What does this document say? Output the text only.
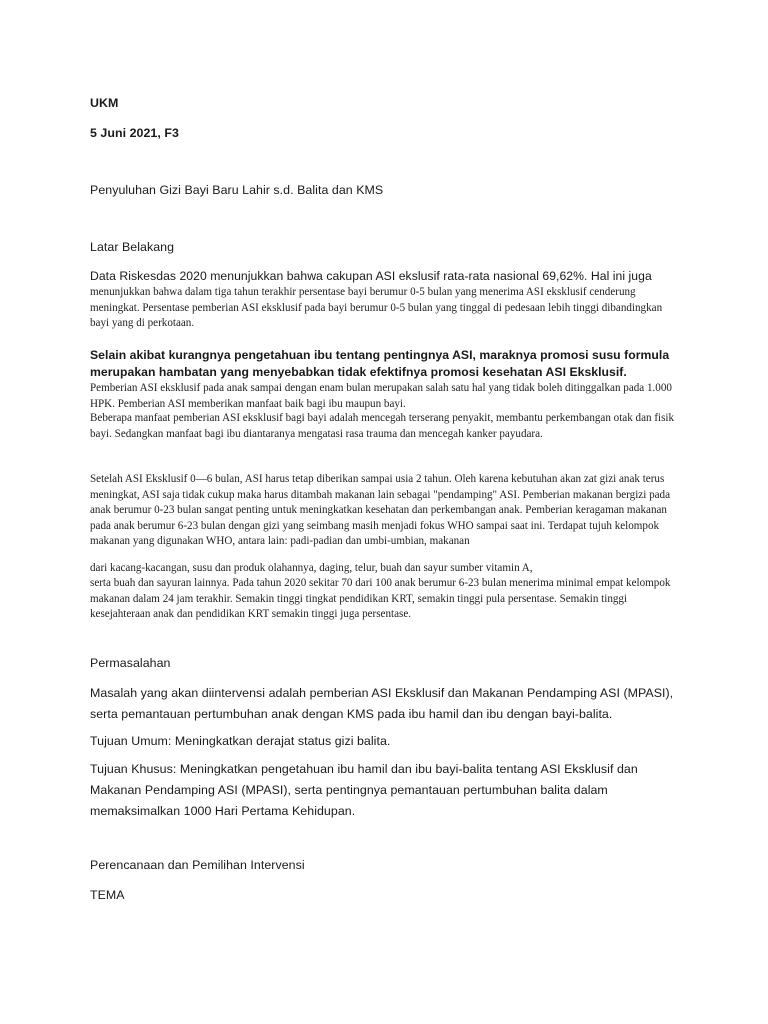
UKM
5 Juni 2021, F3
Penyuluhan Gizi Bayi Baru Lahir s.d. Balita dan KMS
Latar Belakang
Data Riskesdas 2020 menunjukkan bahwa cakupan ASI ekslusif rata-rata nasional 69,62%. Hal ini juga
menunjukkan bahwa dalam tiga tahun terakhir persentase bayi berumur 0-5 bulan yang menerima ASI eksklusif cenderung meningkat. Persentase pemberian ASI eksklusif pada bayi berumur 0-5 bulan yang tinggal di pedesaan lebih tinggi dibandingkan bayi yang di perkotaan.
Selain akibat kurangnya pengetahuan ibu tentang pentingnya ASI, maraknya promosi susu formula
merupakan hambatan yang menyebabkan tidak efektifnya promosi kesehatan ASI Eksklusif.
Pemberian ASI eksklusif pada anak sampai dengan enam bulan merupakan salah satu hal yang tidak boleh ditinggalkan pada 1.000 HPK. Pemberian ASI memberikan manfaat baik bagi ibu maupun bayi.
Beberapa manfaat pemberian ASI eksklusif bagi bayi adalah mencegah terserang penyakit, membantu perkembangan otak dan fisik bayi. Sedangkan manfaat bagi ibu diantaranya mengatasi rasa trauma dan mencegah kanker payudara.
Setelah ASI Eksklusif 0—6 bulan, ASI harus tetap diberikan sampai usia 2 tahun. Oleh karena kebutuhan akan zat gizi anak terus meningkat, ASI saja tidak cukup maka harus ditambah makanan lain sebagai "pendamping" ASI. Pemberian makanan bergizi pada anak berumur 0-23 bulan sangat penting untuk meningkatkan kesehatan dan perkembangan anak. Pemberian keragaman makanan pada anak berumur 6-23 bulan dengan gizi yang seimbang masih menjadi fokus WHO sampai saat ini. Terdapat tujuh kelompok makanan yang digunakan WHO, antara lain: padi-padian dan umbi-umbian, makanan
dari kacang-kacangan, susu dan produk olahannya, daging, telur, buah dan sayur sumber vitamin A,
serta buah dan sayuran lainnya. Pada tahun 2020 sekitar 70 dari 100 anak berumur 6-23 bulan menerima minimal empat kelompok makanan dalam 24 jam terakhir. Semakin tinggi tingkat pendidikan KRT, semakin tinggi pula persentase. Semakin tinggi kesejahteraan anak dan pendidikan KRT semakin tinggi juga persentase.
Permasalahan
Masalah yang akan diintervensi adalah pemberian ASI Eksklusif dan Makanan Pendamping ASI (MPASI), serta pemantauan pertumbuhan anak dengan KMS pada ibu hamil dan ibu dengan bayi-balita.
Tujuan Umum: Meningkatkan derajat status gizi balita.
Tujuan Khusus: Meningkatkan pengetahuan ibu hamil dan ibu bayi-balita tentang ASI Eksklusif dan Makanan Pendamping ASI (MPASI), serta pentingnya pemantauan pertumbuhan balita dalam memaksimalkan 1000 Hari Pertama Kehidupan.
Perencanaan dan Pemilihan Intervensi
TEMA
